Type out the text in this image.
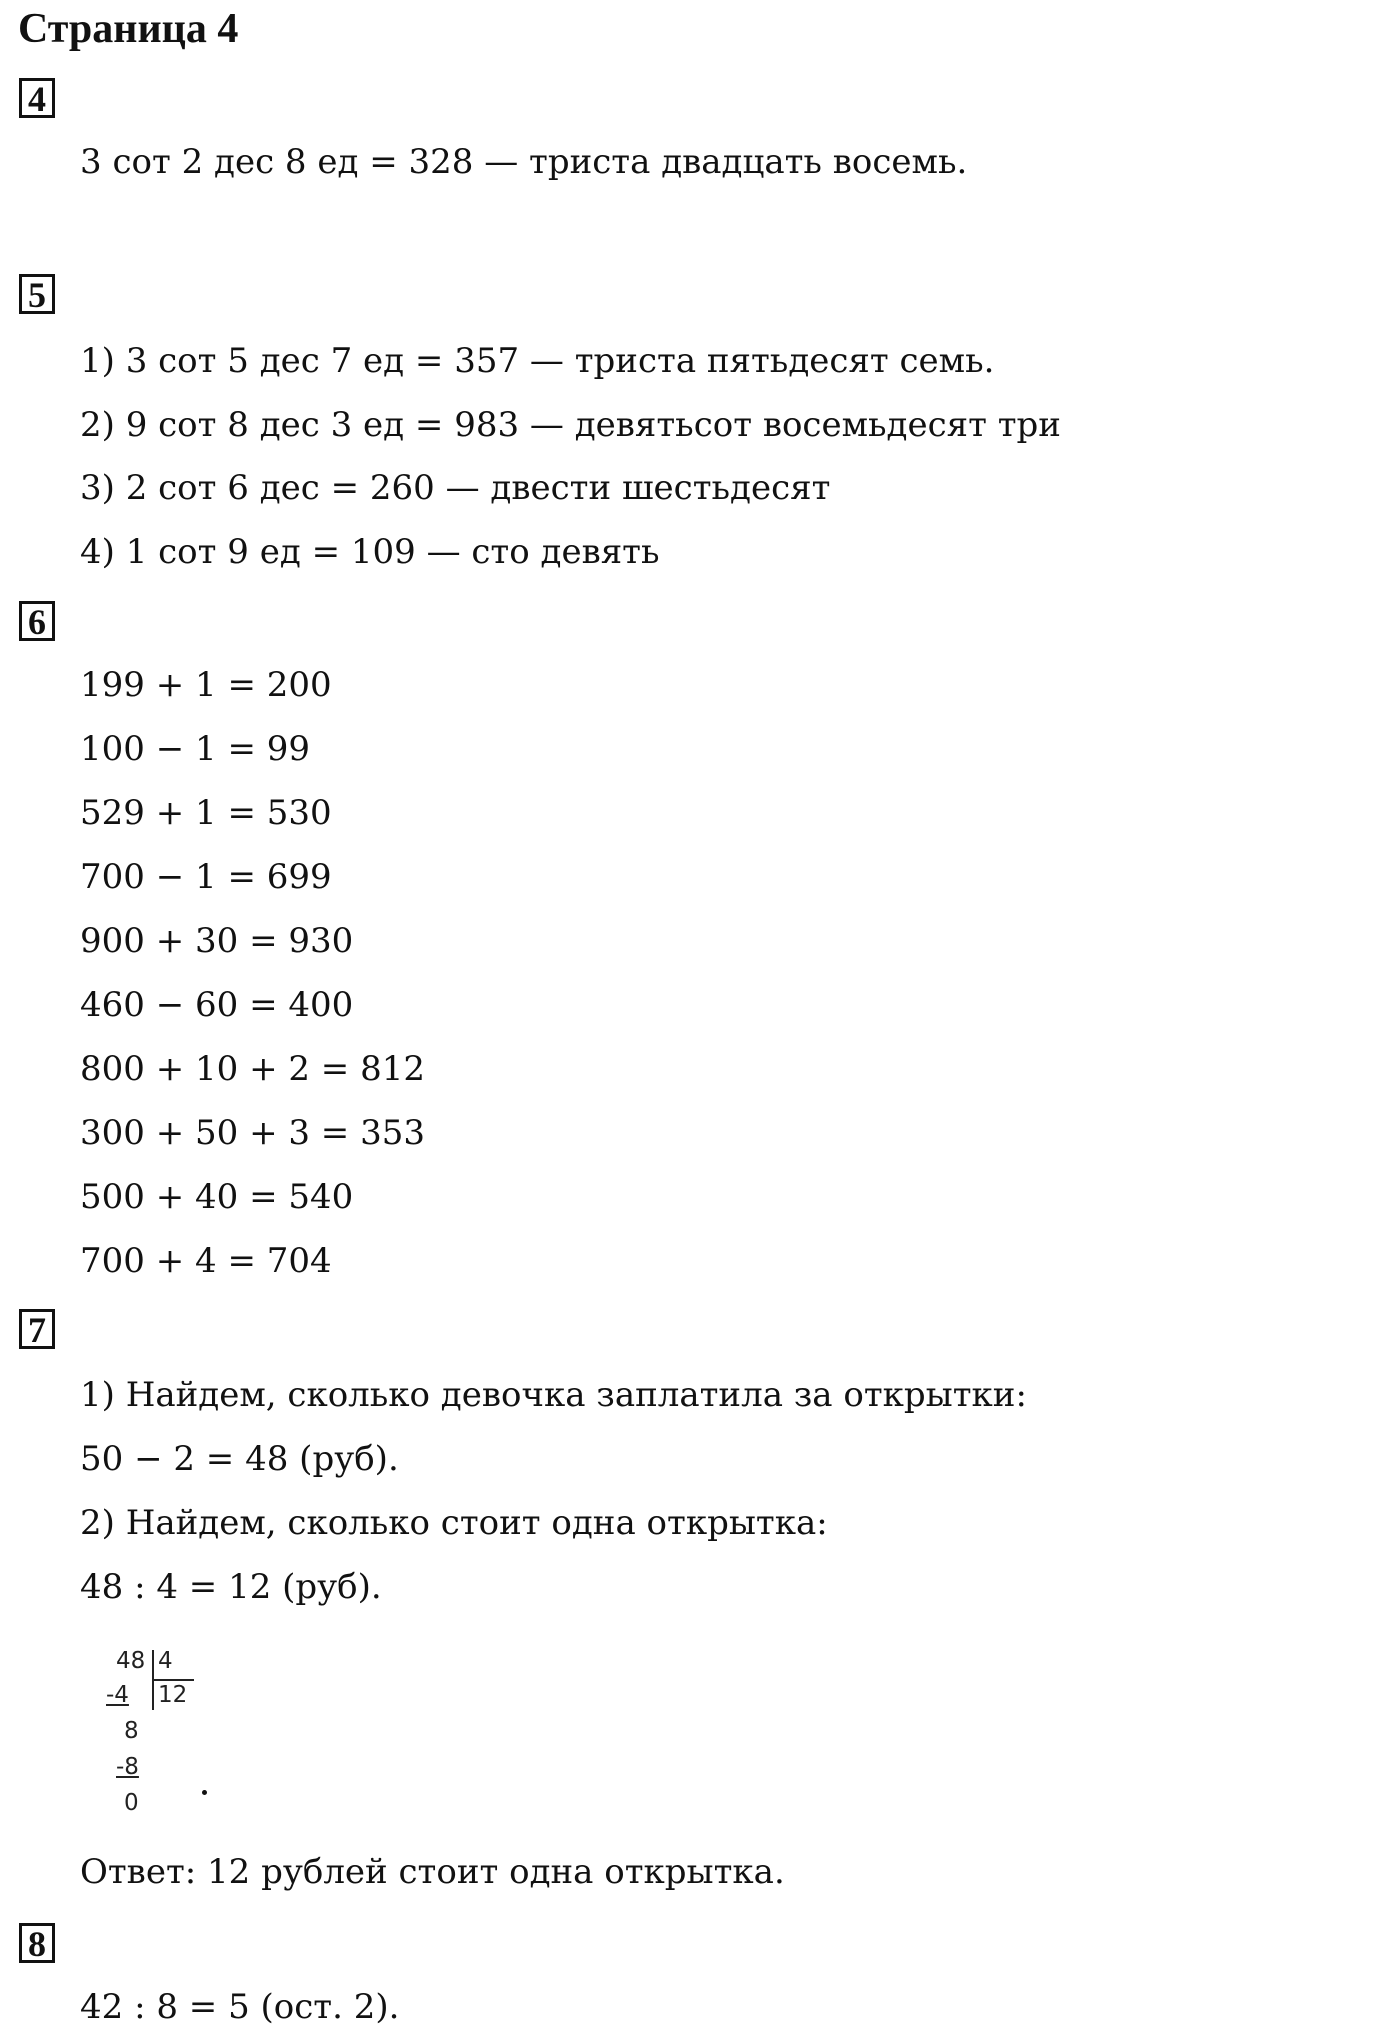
Страница 4
4
3 сот 2 дес 8 ед = 328 — триста двадцать восемь.
5
1) 3 сот 5 дес 7 ед = 357 — триста пятьдесят семь.
2) 9 сот 8 дес 3 ед = 983 — девятьсот восемьдесят три
3) 2 сот 6 дес = 260 — двести шестьдесят
4) 1 сот 9 ед = 109 — сто девять
6
199 + 1 = 200
100 − 1 = 99
529 + 1 = 530
700 − 1 = 699
900 + 30 = 930
460 − 60 = 400
800 + 10 + 2 = 812
300 + 50 + 3 = 353
500 + 40 = 540
700 + 4 = 704
7
1) Найдем, сколько девочка заплатила за открытки:
50 − 2 = 48 (руб).
2) Найдем, сколько стоит одна открытка:
48 : 4 = 12 (руб).
48 4
12
-4
8
-8
0
Ответ: 12 рублей стоит одна открытка.
8
42 : 8 = 5 (ост. 2).
